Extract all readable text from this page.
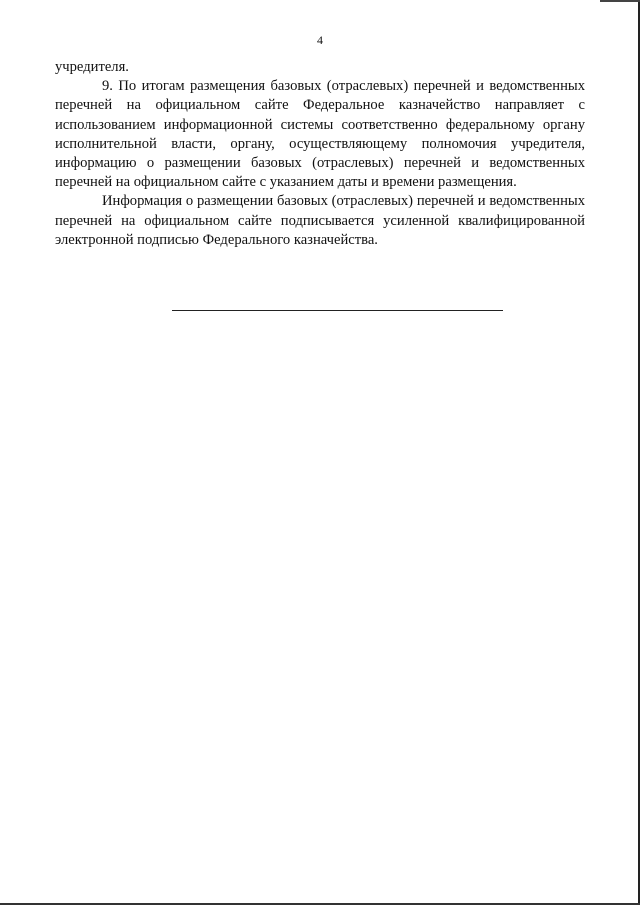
4

учредителя.

9. По итогам размещения базовых (отраслевых) перечней и ведомственных перечней на официальном сайте Федеральное казначейство направляет с использованием информационной системы соответственно федеральному органу исполнительной власти, органу, осуществляющему полномочия учредителя, информацию о размещении базовых (отраслевых) перечней и ведомственных перечней на официальном сайте с указанием даты и времени размещения.

Информация о размещении базовых (отраслевых) перечней и ведомственных перечней на официальном сайте подписывается усиленной квалифицированной электронной подписью Федерального казначейства.
